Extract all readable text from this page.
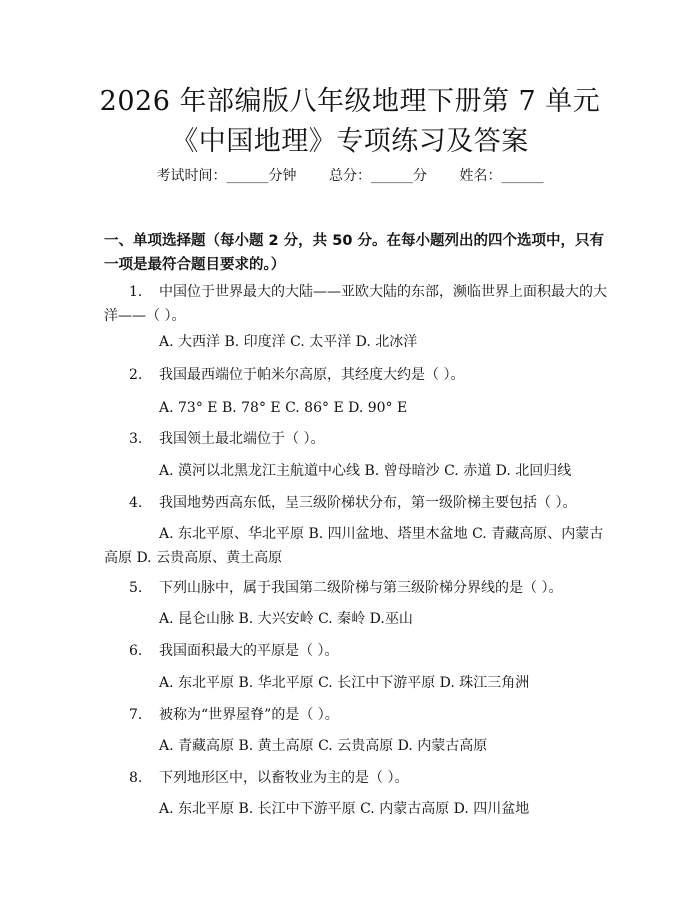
2026 年部编版八年级地理下册第 7 单元《中国地理》专项练习及答案
考试时间：______分钟 总分：______分 姓名：______

一、单项选择题（每小题 2 分，共 50 分。在每小题列出的四个选项中，只有一项是最符合题目要求的。）

1. 中国位于世界最大的大陆——亚欧大陆的东部，濒临世界上面积最大的大洋——（ ）。

A. 大西洋 B. 印度洋 C. 太平洋 D. 北冰洋

2. 我国最西端位于帕米尔高原，其经度大约是（ ）。

A. 73° E B. 78° E C. 86° E D. 90° E

3. 我国领土最北端位于（ ）。

A. 漠河以北黑龙江主航道中心线 B. 曾母暗沙 C. 赤道 D. 北回归线

4. 我国地势西高东低，呈三级阶梯状分布，第一级阶梯主要包括（ ）。

A. 东北平原、华北平原 B. 四川盆地、塔里木盆地 C. 青藏高原、内蒙古高原 D. 云贵高原、黄土高原

5. 下列山脉中，属于我国第二级阶梯与第三级阶梯分界线的是（ ）。

A. 昆仑山脉 B. 大兴安岭 C. 秦岭 D.巫山

6. 我国面积最大的平原是（ ）。

A. 东北平原 B. 华北平原 C. 长江中下游平原 D. 珠江三角洲

7. 被称为“世界屋脊”的是（ ）。

A. 青藏高原 B. 黄土高原 C. 云贵高原 D. 内蒙古高原

8. 下列地形区中，以畜牧业为主的是（ ）。

A. 东北平原 B. 长江中下游平原 C. 内蒙古高原 D. 四川盆地
